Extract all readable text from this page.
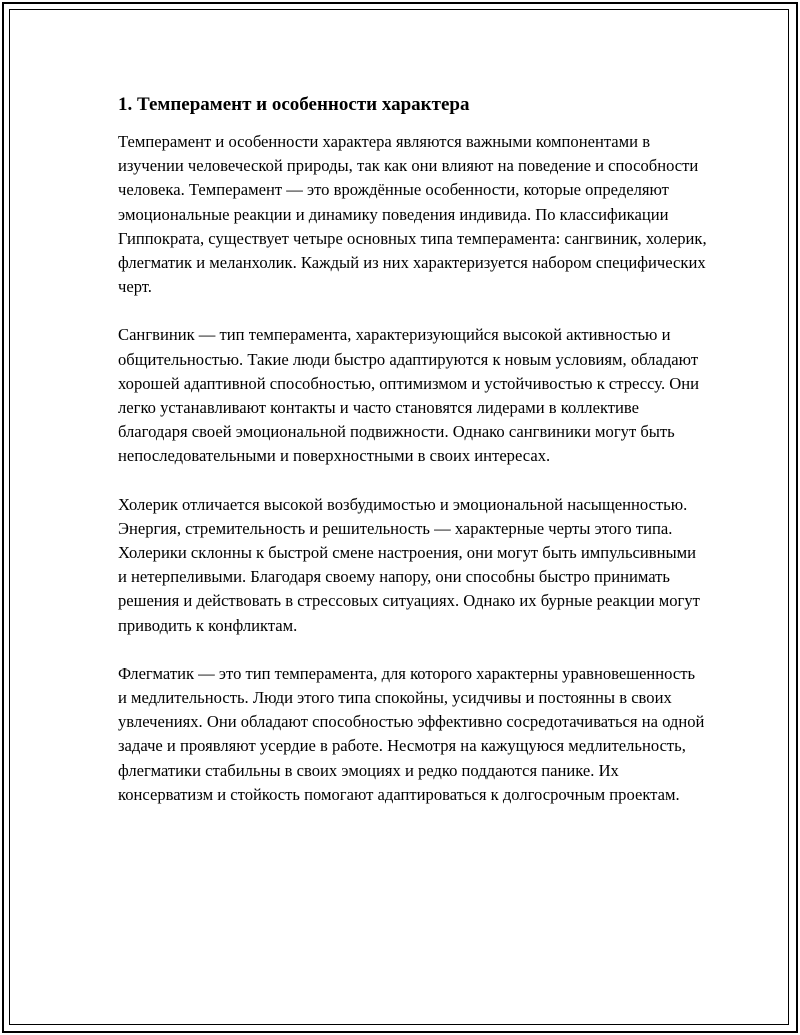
1. Темперамент и особенности характера

Темперамент и особенности характера являются важными компонентами в изучении человеческой природы, так как они влияют на поведение и способности человека. Темперамент — это врождённые особенности, которые определяют эмоциональные реакции и динамику поведения индивида. По классификации Гиппократа, существует четыре основных типа темперамента: сангвиник, холерик, флегматик и меланхолик. Каждый из них характеризуется набором специфических черт.

Сангвиник — тип темперамента, характеризующийся высокой активностью и общительностью. Такие люди быстро адаптируются к новым условиям, обладают хорошей адаптивной способностью, оптимизмом и устойчивостью к стрессу. Они легко устанавливают контакты и часто становятся лидерами в коллективе благодаря своей эмоциональной подвижности. Однако сангвиники могут быть непоследовательными и поверхностными в своих интересах.

Холерик отличается высокой возбудимостью и эмоциональной насыщенностью. Энергия, стремительность и решительность — характерные черты этого типа. Холерики склонны к быстрой смене настроения, они могут быть импульсивными и нетерпеливыми. Благодаря своему напору, они способны быстро принимать решения и действовать в стрессовых ситуациях. Однако их бурные реакции могут приводить к конфликтам.

Флегматик — это тип темперамента, для которого характерны уравновешенность и медлительность. Люди этого типа спокойны, усидчивы и постоянны в своих увлечениях. Они обладают способностью эффективно сосредотачиваться на одной задаче и проявляют усердие в работе. Несмотря на кажущуюся медлительность, флегматики стабильны в своих эмоциях и редко поддаются панике. Их консерватизм и стойкость помогают адаптироваться к долгосрочным проектам.
